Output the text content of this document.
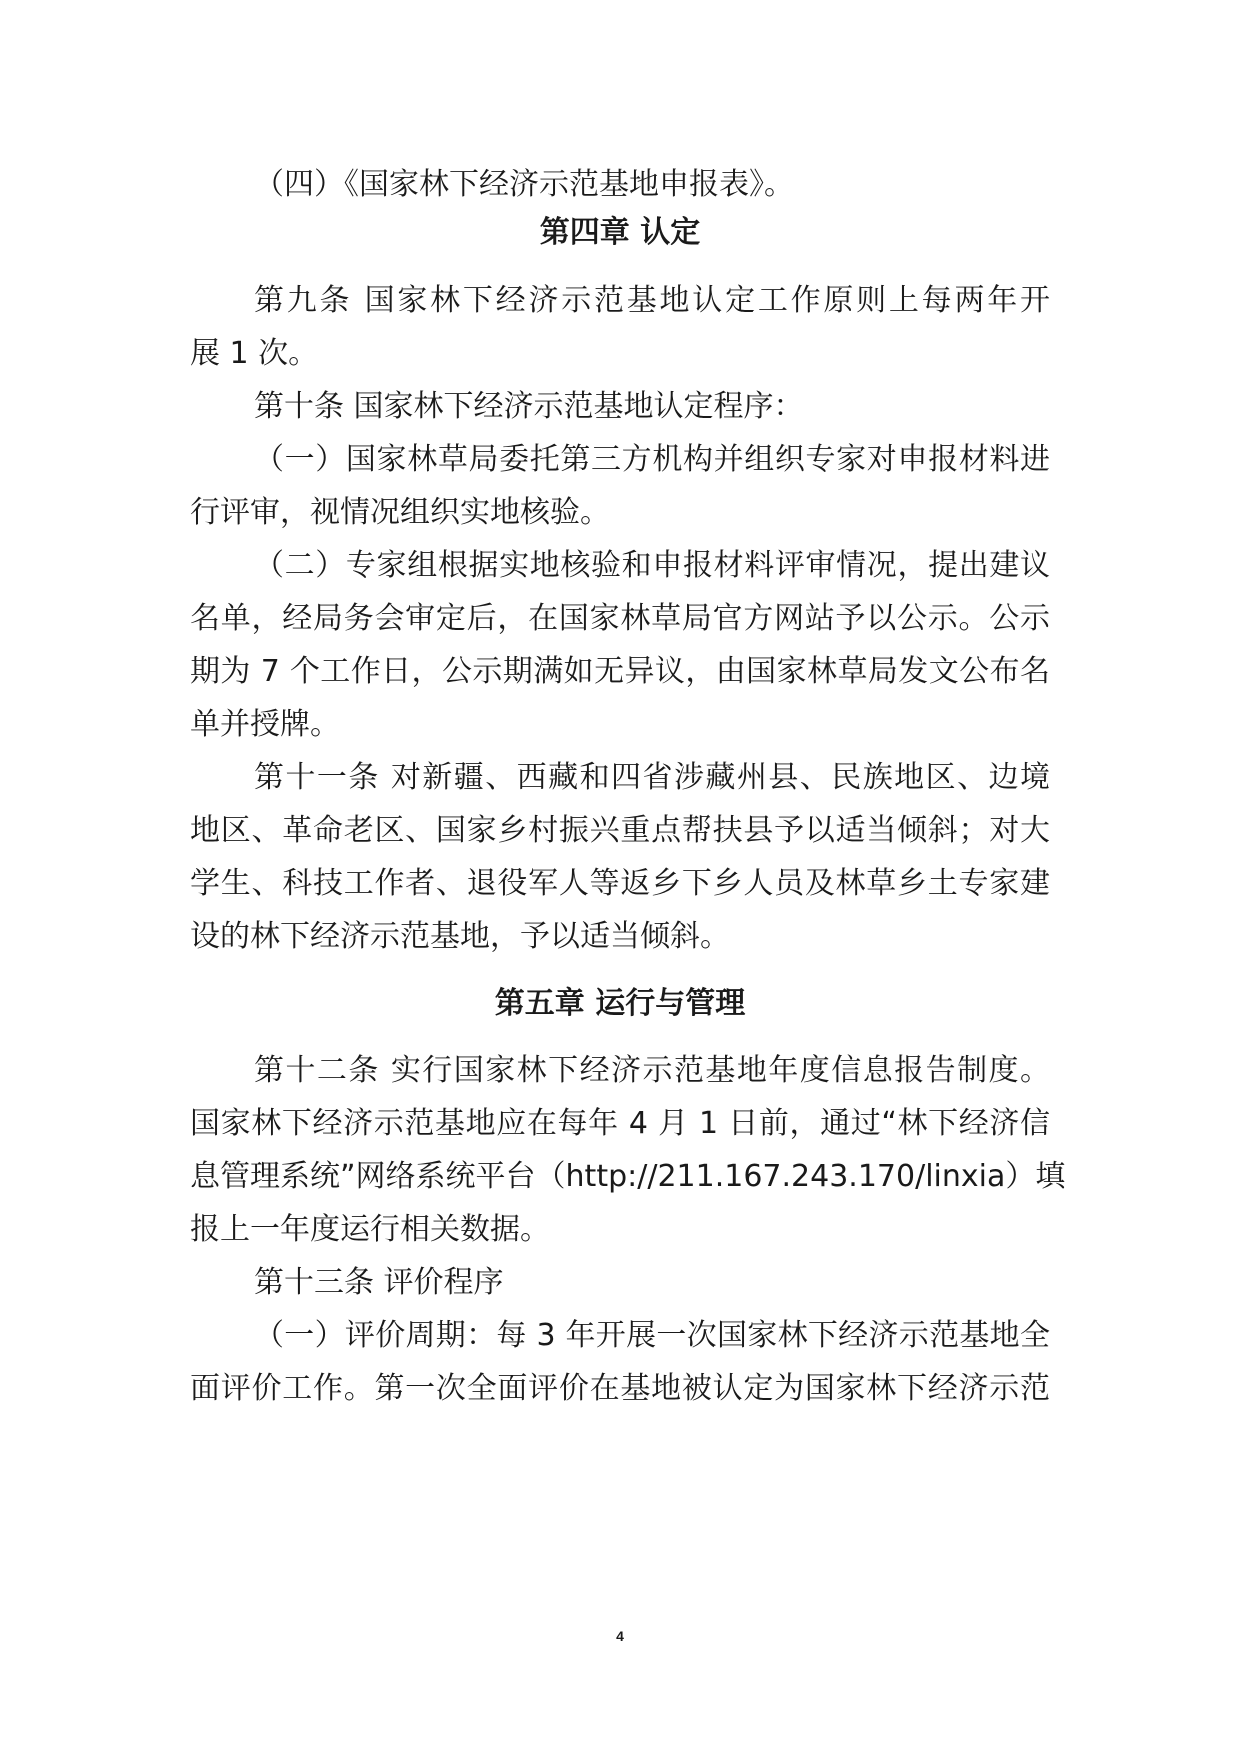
（四）《国家林下经济示范基地申报表》。
第四章 认定
第九条 国家林下经济示范基地认定工作原则上每两年开
展 1 次。
第十条 国家林下经济示范基地认定程序：
（一）国家林草局委托第三方机构并组织专家对申报材料进
行评审，视情况组织实地核验。
（二）专家组根据实地核验和申报材料评审情况，提出建议
名单，经局务会审定后，在国家林草局官方网站予以公示。公示
期为 7 个工作日，公示期满如无异议，由国家林草局发文公布名
单并授牌。
第十一条 对新疆、西藏和四省涉藏州县、民族地区、边境
地区、革命老区、国家乡村振兴重点帮扶县予以适当倾斜；对大
学生、科技工作者、退役军人等返乡下乡人员及林草乡土专家建
设的林下经济示范基地，予以适当倾斜。
第五章 运行与管理
第十二条 实行国家林下经济示范基地年度信息报告制度。
国家林下经济示范基地应在每年 4 月 1 日前，通过“林下经济信
息管理系统”网络系统平台（http://211.167.243.170/linxia）填
报上一年度运行相关数据。
第十三条 评价程序
（一）评价周期：每 3 年开展一次国家林下经济示范基地全
面评价工作。第一次全面评价在基地被认定为国家林下经济示范
4
